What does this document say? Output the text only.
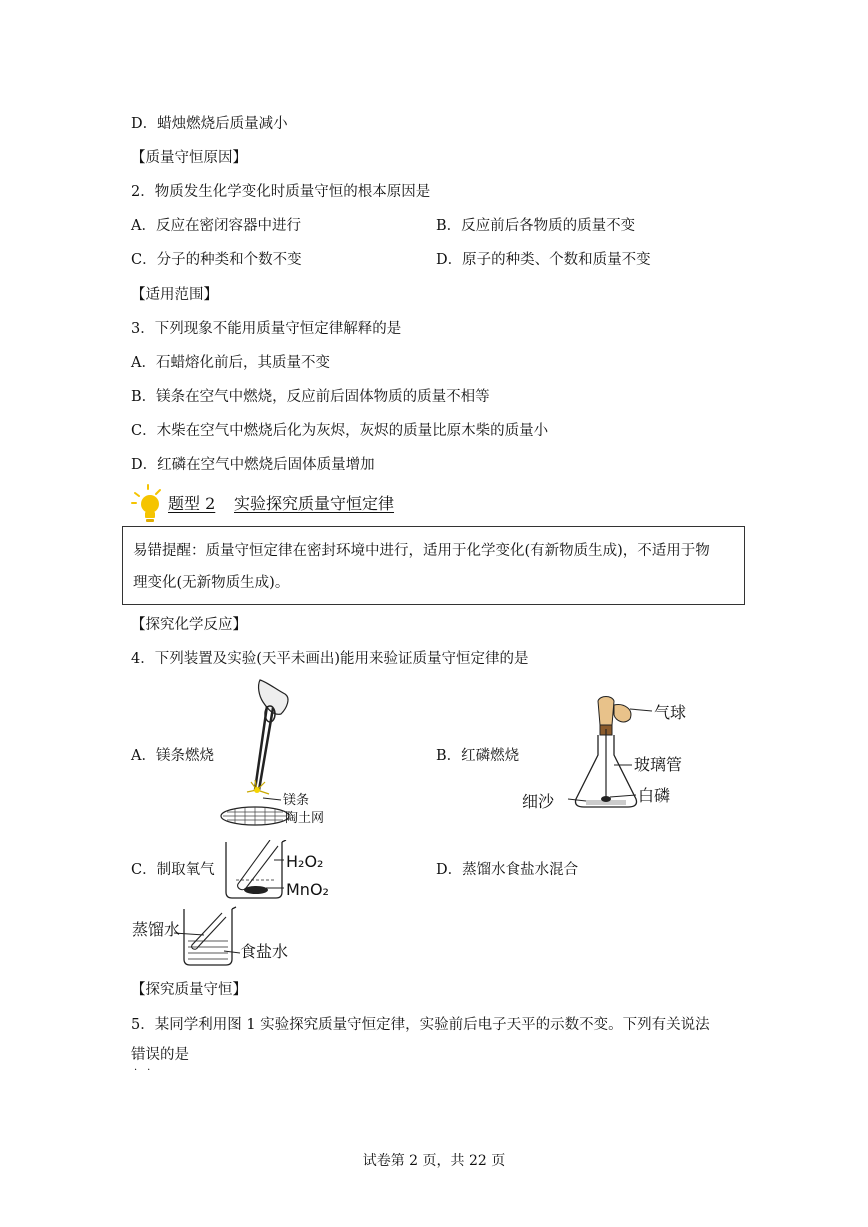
D．蜡烛燃烧后质量减小
【质量守恒原因】
2．物质发生化学变化时质量守恒的根本原因是
A．反应在密闭容器中进行	B．反应前后各物质的质量不变
C．分子的种类和个数不变	D．原子的种类、个数和质量不变
【适用范围】
3．下列现象不能用质量守恒定律解释的是
A．石蜡熔化前后，其质量不变
B．镁条在空气中燃烧，反应前后固体物质的质量不相等
C．木柴在空气中燃烧后化为灰烬，灰烬的质量比原木柴的质量小
D．红磷在空气中燃烧后固体质量增加
题型 2 实验探究质量守恒定律
易错提醒：质量守恒定律在密封环境中进行，适用于化学变化(有新物质生成)，不适用于物
理变化(无新物质生成)。
【探究化学反应】
4．下列装置及实验(天平未画出)能用来验证质量守恒定律的是
A．镁条燃烧	B．红磷燃烧
镁条
陶土网
气球
玻璃管
白磷
细沙
C．制取氧气	D．蒸馏水食盐水混合
H₂O₂
MnO₂
蒸馏水
食盐水
【探究质量守恒】
5．某同学利用图 1 实验探究质量守恒定律，实验前后电子天平的示数不变。下列有关说法
错误的是
··
试卷第 2 页，共 22 页
